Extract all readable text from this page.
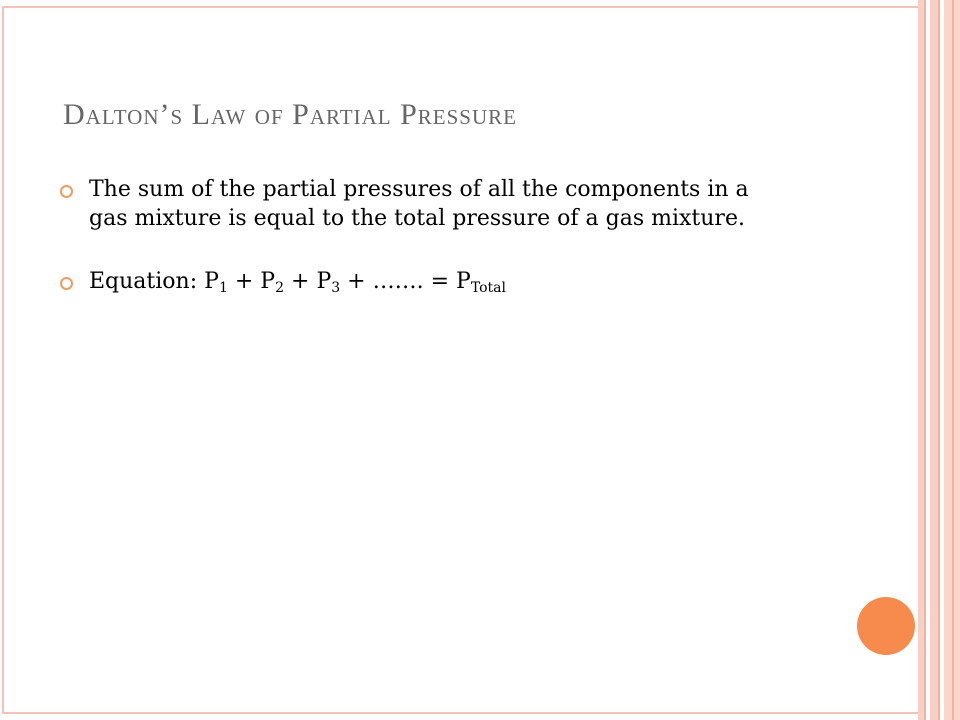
Dalton’s Law of Partial Pressure
The sum of the partial pressures of all the components in a gas mixture is equal to the total pressure of a gas mixture.
Equation: P1 + P2 + P3 + ……. = PTotal
